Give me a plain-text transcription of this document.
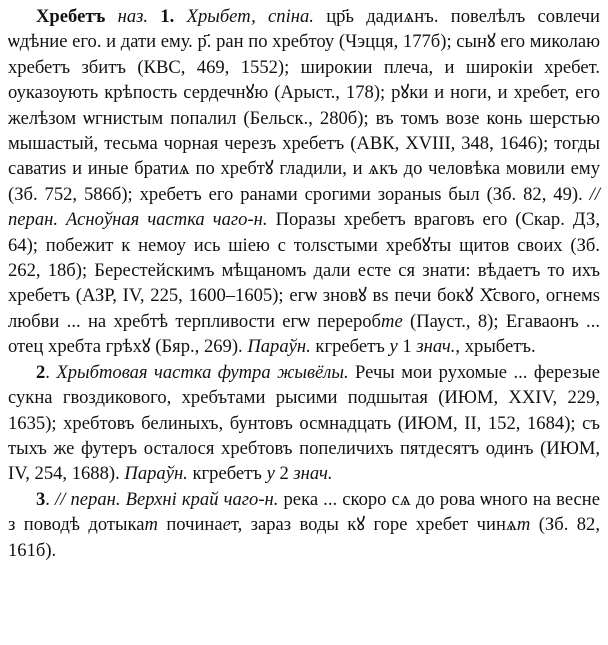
Хребетъ наз. 1. Хрыбет, спіна. цр҃ь дадиѧнъ. повелѣлъ совлечи ѡдѣние его. и дати ему. р҃. ран по хребтоу (Чэцця, 177б); сынꙋ его миколаю хребетъ збитъ (КВС, 469, 1552); широкии плеча, и широкіи хребет. оуказоують крѣпость сердечнꙋю (Арыст., 178); рꙋки и ноги, и хребет, его желѣзом ѡгнистым попалил (Бельск., 280б); въ томъ возе конь шерстью мышастый, тесьма чорная черезъ хребетъ (АВК, XVIII, 348, 1646); тогды саватиѕ и иные братиѧ по хребтꙋ гладили, и ѧкъ до человѣка мовили ему (Зб. 752, 586б); хребетъ его ранами срогими зораныѕ был (Зб. 82, 49). // перан. Асноўная частка чаго-н. Поразы хребетъ враговъ его (Скар. ДЗ, 64); побежит к немоу ись шіею с толѕстыми хребꙋты щитов своих (Зб. 262, 18б); Берестейскимъ мѣщаномъ дали есте ся знати: вѣдаетъ то ихъ хребетъ (АЗР, IV, 225, 1600–1605); егѡ зновꙋ вѕ печи бокꙋ Х҃свого, огнемѕ любви ... на хребтѣ терпливости егѡ переробте (Пауст., 8); Егаваонъ ... отец хребта грѣхꙋ (Бяр., 269). Параўн. кгребетъ у 1 знач., хрыбетъ.

2. Хрыбтовая частка футра жывёлы. Речы мои рухомые ... ферезые сукна гвоздикового, хребътами рысими подшытая (ИЮМ, XXIV, 229, 1635); хребтовъ белиныхъ, бунтовъ осмнадцать (ИЮМ, II, 152, 1684); съ тыхъ же футеръ осталося хребтовъ попеличихъ пятдесятъ одинъ (ИЮМ, IV, 254, 1688). Параўн. кгребетъ у 2 знач.

3. // перан. Верхні край чаго-н. река ... скоро сѧ до рова ѡного на весне з поводѣ дотыкат починает, зараз воды кꙋ горе хребет чинѧт (Зб. 82, 161б).
